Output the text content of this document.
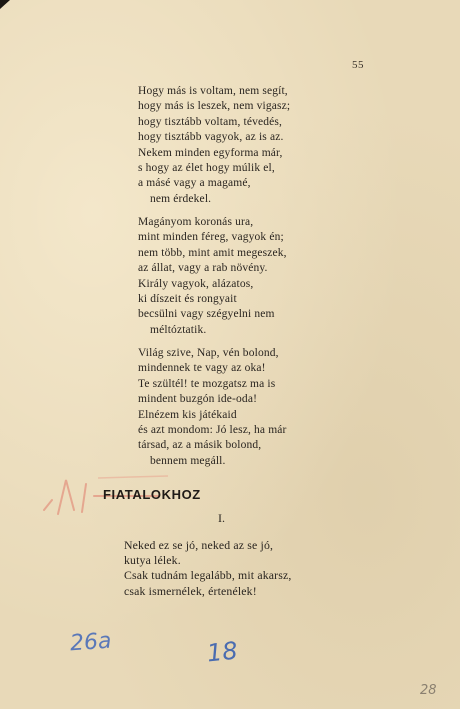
55
Hogy más is voltam, nem segít,
hogy más is leszek, nem vigasz;
hogy tisztább voltam, tévedés,
hogy tisztább vagyok, az is az.
Nekem minden egyforma már,
s hogy az élet hogy múlik el,
a másé vagy a magamé,
nem érdekel.
Magányom koronás ura,
mint minden féreg, vagyok én;
nem több, mint amit megeszek,
az állat, vagy a rab növény.
Király vagyok, alázatos,
ki díszeit és rongyait
becsülni vagy szégyelni nem
méltóztatik.
Világ szive, Nap, vén bolond,
mindennek te vagy az oka!
Te szültél! te mozgatsz ma is
mindent buzgón ide-oda!
Elnézem kis játékaid
és azt mondom: Jó lesz, ha már
társad, az a másik bolond,
bennem megáll.
FIATALOKHOZ
I.
Neked ez se jó, neked az se jó,
kutya lélek.
Csak tudnám legalább, mit akarsz,
csak ismernélek, értenélek!
26a	18
28
